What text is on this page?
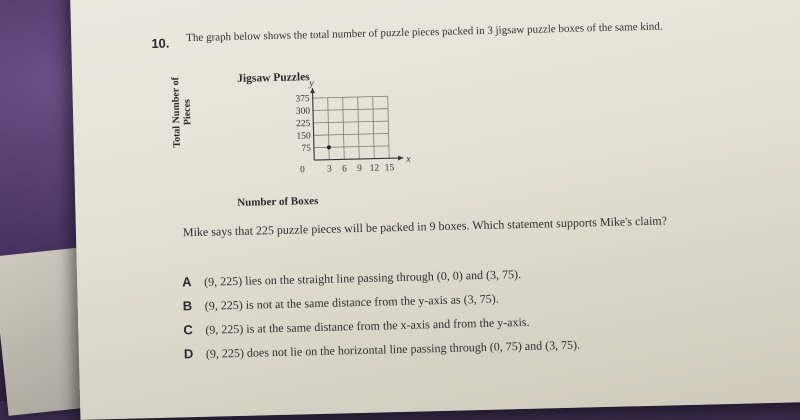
10. The graph below shows the total number of puzzle pieces packed in 3 jigsaw puzzle boxes of the same kind.
Jigsaw Puzzles
x
y
0 3 6 9 12 15
75
150
225
300
375
Total Number of Pieces
Number of Boxes
Mike says that 225 puzzle pieces will be packed in 9 boxes. Which statement supports Mike's claim?
A	(9, 225) lies on the straight line passing through (0, 0) and (3, 75).
B	(9, 225) is not at the same distance from the y-axis as (3, 75).
C	(9, 225) is at the same distance from the x-axis and from the y-axis.
D	(9, 225) does not lie on the horizontal line passing through (0, 75) and (3, 75).
